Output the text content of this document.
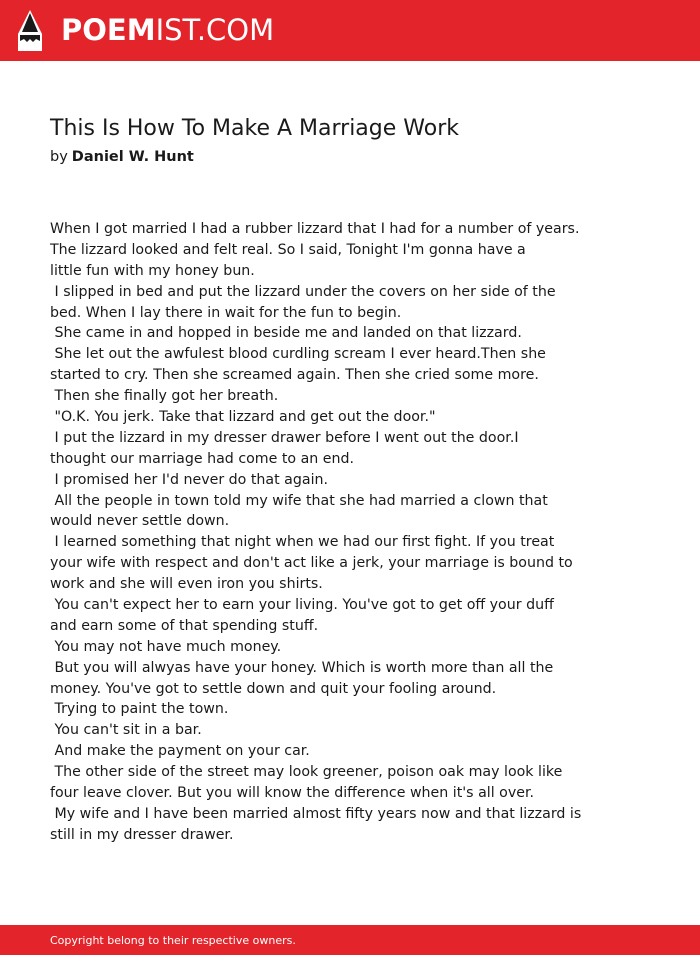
POEMIST.COM
This Is How To Make A Marriage Work
by Daniel W. Hunt
When I got married I had a rubber lizzard that I had for a number of years.
The lizzard looked and felt real. So I said, Tonight I'm gonna have a
little fun with my honey bun.
I slipped in bed and put the lizzard under the covers on her side of the
bed. When I lay there in wait for the fun to begin.
She came in and hopped in beside me and landed on that lizzard.
She let out the awfulest blood curdling scream I ever heard.Then she
started to cry. Then she screamed again. Then she cried some more.
Then she finally got her breath.
"O.K. You jerk. Take that lizzard and get out the door."
I put the lizzard in my dresser drawer before I went out the door.I
thought our marriage had come to an end.
I promised her I'd never do that again.
All the people in town told my wife that she had married a clown that
would never settle down.
I learned something that night when we had our first fight. If you treat
your wife with respect and don't act like a jerk, your marriage is bound to
work and she will even iron you shirts.
You can't expect her to earn your living. You've got to get off your duff
and earn some of that spending stuff.
You may not have much money.
But you will alwyas have your honey. Which is worth more than all the
money. You've got to settle down and quit your fooling around.
Trying to paint the town.
You can't sit in a bar.
And make the payment on your car.
The other side of the street may look greener, poison oak may look like
four leave clover. But you will know the difference when it's all over.
My wife and I have been married almost fifty years now and that lizzard is
still in my dresser drawer.
Copyright belong to their respective owners.
